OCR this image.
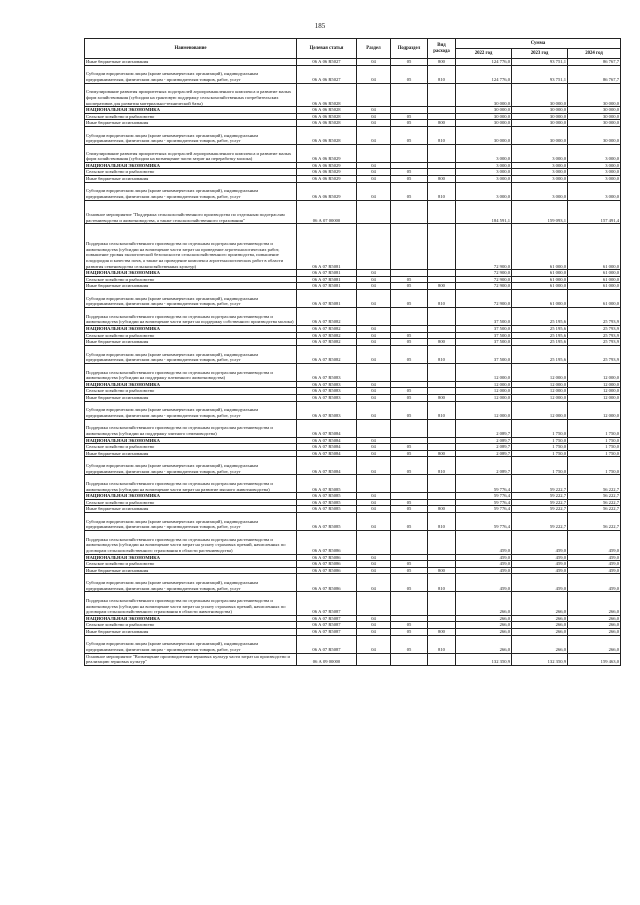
185
Наименование	Целевая статья	Раздел	Подраздел	Вид расхода	Сумма		
					2022 год	2023 год	2024 год
Иные бюджетные ассигнования	06 А 06 R5027	04	05	800	124 776,0	93 751,1	86 767,7
Субсидии юридическим лицам (кроме некоммерческих организаций), индивидуальным предпринимателям, физическим лицам - производителям товаров, работ, услуг	06 А 06 R5027	04	05	810	124 776,0	93 751,1	86 767,7
Стимулирование развития приоритетных подотраслей агропромышленного комплекса и развитие малых форм хозяйствования (субсидии на грантовую поддержку сельскохозяйственных потребительских кооперативов для развития материально-технической базы)	06 А 06 R5028				30 000,0	30 000,0	30 000,0
НАЦИОНАЛЬНАЯ ЭКОНОМИКА	06 А 06 R5028	04			30 000,0	30 000,0	30 000,0
Сельское хозяйство и рыболовство	06 А 06 R5028	04	05		30 000,0	30 000,0	30 000,0
Иные бюджетные ассигнования	06 А 06 R5028	04	05	800	30 000,0	30 000,0	30 000,0
Субсидии юридическим лицам (кроме некоммерческих организаций), индивидуальным предпринимателям, физическим лицам - производителям товаров, работ, услуг	06 А 06 R5028	04	05	810	30 000,0	30 000,0	30 000,0
Стимулирование развития приоритетных подотраслей агропромышленного комплекса и развитие малых форм хозяйствования (субсидии на возмещение части затрат на переработку молока)	06 А 06 R5029				3 000,0	3 000,0	3 000,0
НАЦИОНАЛЬНАЯ ЭКОНОМИКА	06 А 06 R5029	04			3 000,0	3 000,0	3 000,0
Сельское хозяйство и рыболовство	06 А 06 R5029	04	05		3 000,0	3 000,0	3 000,0
Иные бюджетные ассигнования	06 А 06 R5029	04	05	800	3 000,0	3 000,0	3 000,0
Субсидии юридическим лицам (кроме некоммерческих организаций), индивидуальным предпринимателям, физическим лицам - производителям товаров, работ, услуг	06 А 06 R5029	04	05	810	3 000,0	3 000,0	3 000,0
Основное мероприятие "Поддержка сельскохозяйственного производства по отдельным подотраслям растениеводства и животноводства, а также сельскохозяйственного страхования"	06 А 07 00000				184 591,1	159 093,1	157 491,4
Поддержка сельскохозяйственного производства по отдельным подотраслям растениеводства и животноводства (субсидии на возмещение части затрат на проведение агротехнологических работ, повышение уровня экологической безопасности сельскохозяйственного производства, повышение плодородия и качества почв, а также на проведение комплекса агротехнологических работ в области развития семеноводства сельскохозяйственных культур)	06 А 07 R5081				72 900,0	61 000,0	61 000,0
НАЦИОНАЛЬНАЯ ЭКОНОМИКА	06 А 07 R5081	04			72 900,0	61 000,0	61 000,0
Сельское хозяйство и рыболовство	06 А 07 R5081	04	05		72 900,0	61 000,0	61 000,0
Иные бюджетные ассигнования	06 А 07 R5081	04	05	800	72 900,0	61 000,0	61 000,0
Субсидии юридическим лицам (кроме некоммерческих организаций), индивидуальным предпринимателям, физическим лицам - производителям товаров, работ, услуг	06 А 07 R5081	04	05	810	72 900,0	61 000,0	61 000,0
Поддержка сельскохозяйственного производства по отдельным подотраслям растениеводства и животноводства (субсидии на возмещение части затрат на поддержку собственного производства молока)	06 А 07 R5082				37 500,0	25 195,6	25 793,9
НАЦИОНАЛЬНАЯ ЭКОНОМИКА	06 А 07 R5082	04			37 500,0	25 195,6	25 793,9
Сельское хозяйство и рыболовство	06 А 07 R5082	04	05		37 500,0	25 195,6	25 793,9
Иные бюджетные ассигнования	06 А 07 R5082	04	05	800	37 500,0	25 195,6	25 793,9
Субсидии юридическим лицам (кроме некоммерческих организаций), индивидуальным предпринимателям, физическим лицам - производителям товаров, работ, услуг	06 А 07 R5082	04	05	810	37 500,0	25 195,6	25 793,9
Поддержка сельскохозяйственного производства по отдельным подотраслям растениеводства и животноводства (субсидии на поддержку племенного животноводства)	06 А 07 R5083				12 000,0	12 000,0	12 000,0
НАЦИОНАЛЬНАЯ ЭКОНОМИКА	06 А 07 R5083	04			12 000,0	12 000,0	12 000,0
Сельское хозяйство и рыболовство	06 А 07 R5083	04	05		12 000,0	12 000,0	12 000,0
Иные бюджетные ассигнования	06 А 07 R5083	04	05	800	12 000,0	12 000,0	12 000,0
Субсидии юридическим лицам (кроме некоммерческих организаций), индивидуальным предпринимателям, физическим лицам - производителям товаров, работ, услуг	06 А 07 R5083	04	05	810	12 000,0	12 000,0	12 000,0
Поддержка сельскохозяйственного производства по отдельным подотраслям растениеводства и животноводства (субсидии на поддержку элитного семеноводства)	06 А 07 R5084				2 089,7	1 750,0	1 750,0
НАЦИОНАЛЬНАЯ ЭКОНОМИКА	06 А 07 R5084	04			2 089,7	1 750,0	1 750,0
Сельское хозяйство и рыболовство	06 А 07 R5084	04	05		2 089,7	1 750,0	1 750,0
Иные бюджетные ассигнования	06 А 07 R5084	04	05	800	2 089,7	1 750,0	1 750,0
Субсидии юридическим лицам (кроме некоммерческих организаций), индивидуальным предпринимателям, физическим лицам - производителям товаров, работ, услуг	06 А 07 R5084	04	05	810	2 089,7	1 750,0	1 750,0
Поддержка сельскохозяйственного производства по отдельным подотраслям растениеводства и животноводства (субсидии на возмещение части затрат на развитие мясного животноводства)	06 А 07 R5085				59 776,4	59 222,7	56 222,7
НАЦИОНАЛЬНАЯ ЭКОНОМИКА	06 А 07 R5085	04			59 776,4	59 222,7	56 222,7
Сельское хозяйство и рыболовство	06 А 07 R5085	04	05		59 776,4	59 222,7	56 222,7
Иные бюджетные ассигнования	06 А 07 R5085	04	05	800	59 776,4	59 222,7	56 222,7
Субсидии юридическим лицам (кроме некоммерческих организаций), индивидуальным предпринимателям, физическим лицам - производителям товаров, работ, услуг	06 А 07 R5085	04	05	810	59 776,4	59 222,7	56 222,7
Поддержка сельскохозяйственного производства по отдельным подотраслям растениеводства и животноводства (субсидии на возмещение части затрат на уплату страховых премий, начисленных по договорам сельскохозяйственного страхования в области растениеводства)	06 А 07 R5086				459,0	459,0	459,0
НАЦИОНАЛЬНАЯ ЭКОНОМИКА	06 А 07 R5086	04			459,0	459,0	459,0
Сельское хозяйство и рыболовство	06 А 07 R5086	04	05		459,0	459,0	459,0
Иные бюджетные ассигнования	06 А 07 R5086	04	05	800	459,0	459,0	459,0
Субсидии юридическим лицам (кроме некоммерческих организаций), индивидуальным предпринимателям, физическим лицам - производителям товаров, работ, услуг	06 А 07 R5086	04	05	810	459,0	459,0	459,0
Поддержка сельскохозяйственного производства по отдельным подотраслям растениеводства и животноводства (субсидии на возмещение части затрат на уплату страховых премий, начисленных по договорам сельскохозяйственного страхования в области животноводства)	06 А 07 R5087				266,0	266,0	266,0
НАЦИОНАЛЬНАЯ ЭКОНОМИКА	06 А 07 R5087	04			266,0	266,0	266,0
Сельское хозяйство и рыболовство	06 А 07 R5087	04	05		266,0	266,0	266,0
Иные бюджетные ассигнования	06 А 07 R5087	04	05	800	266,0	266,0	266,0
Субсидии юридическим лицам (кроме некоммерческих организаций), индивидуальным предпринимателям, физическим лицам - производителям товаров, работ, услуг	06 А 07 R5087	04	05	810	266,0	266,0	266,0
Основное мероприятие "Возмещение производителям зерновых культур части затрат на производство и реализацию зерновых культур"	06 А 09 00000				132 350,9	132 350,9	159 463,0
